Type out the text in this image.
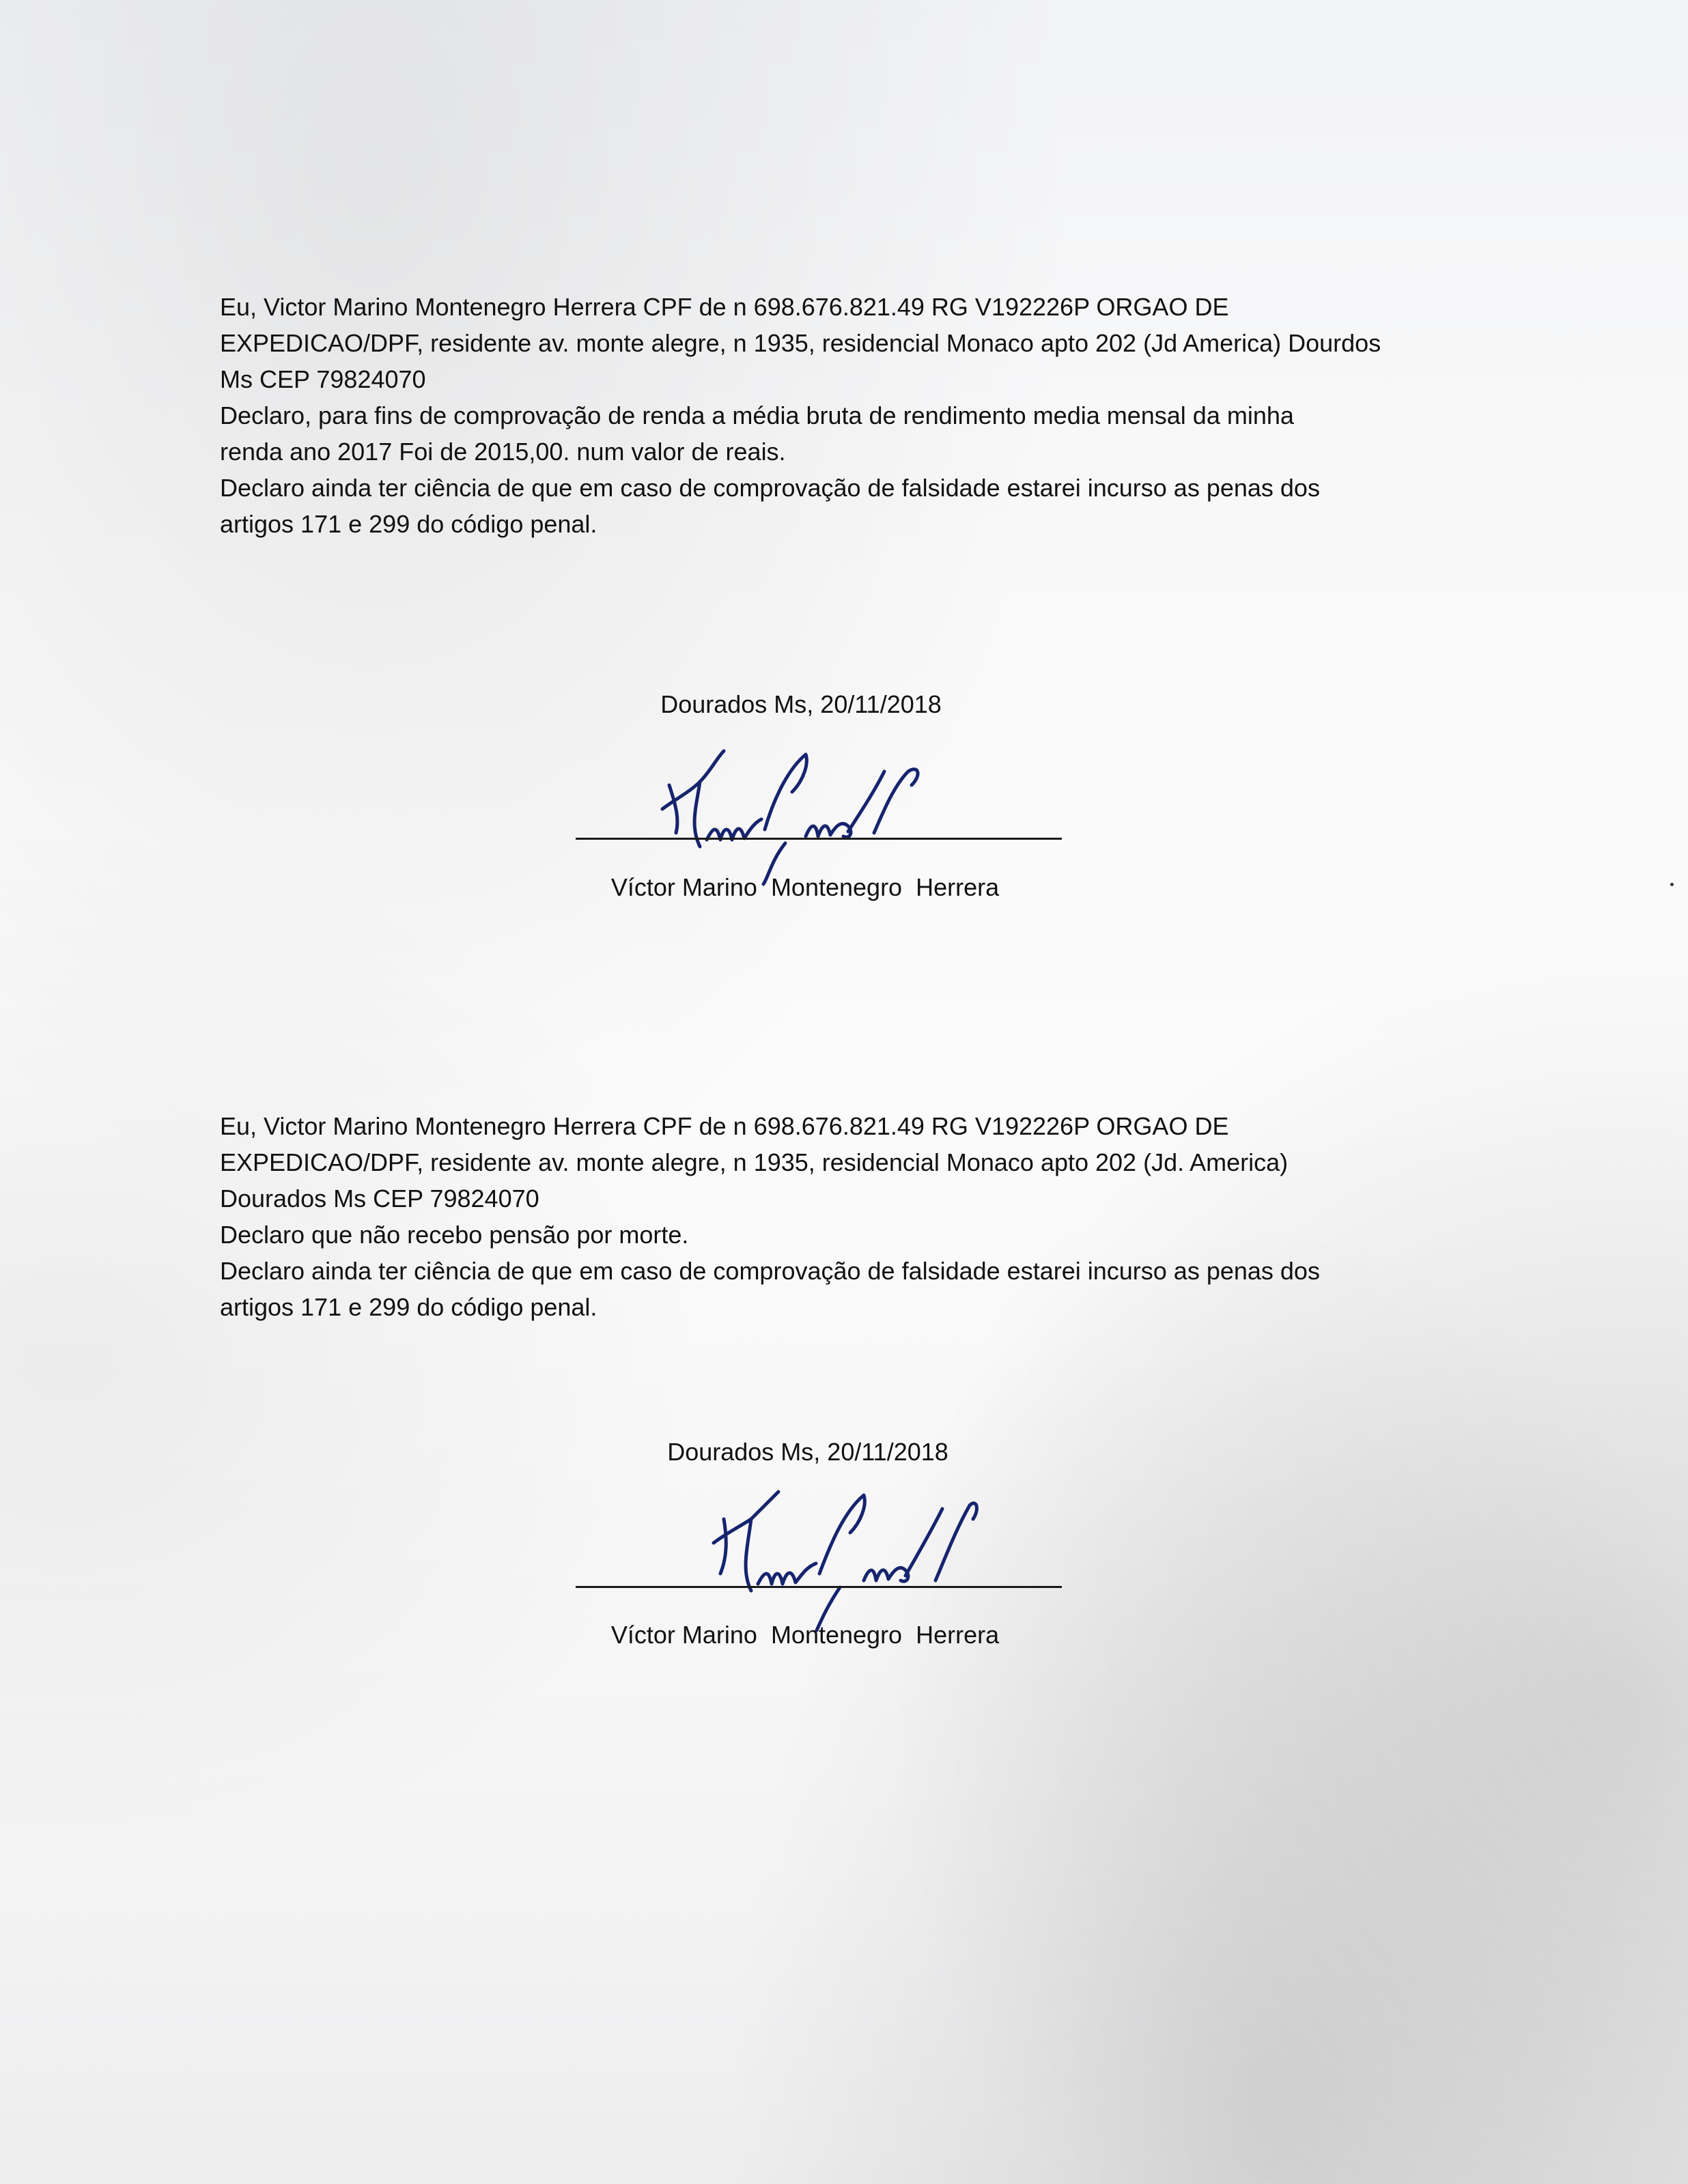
Eu, Victor Marino Montenegro Herrera CPF de n 698.676.821.49 RG V192226P ORGAO DE

EXPEDICAO/DPF, residente av. monte alegre, n 1935, residencial Monaco apto 202 (Jd America) Dourdos

Ms CEP 79824070

Declaro, para fins de comprovação de renda a média bruta de rendimento media mensal da minha

renda ano 2017 Foi de 2015,00. num valor de reais.

Declaro ainda ter ciência de que em caso de comprovação de falsidade estarei incurso as penas dos

artigos 171 e 299 do código penal.

Dourados Ms, 20/11/2018

Víctor Marino  Montenegro  Herrera

Eu, Victor Marino Montenegro Herrera CPF de n 698.676.821.49 RG V192226P ORGAO DE

EXPEDICAO/DPF, residente av. monte alegre, n 1935, residencial Monaco apto 202 (Jd. America)

Dourados Ms CEP 79824070

Declaro que não recebo pensão por morte.

Declaro ainda ter ciência de que em caso de comprovação de falsidade estarei incurso as penas dos

artigos 171 e 299 do código penal.

Dourados Ms, 20/11/2018

Víctor Marino  Montenegro  Herrera
